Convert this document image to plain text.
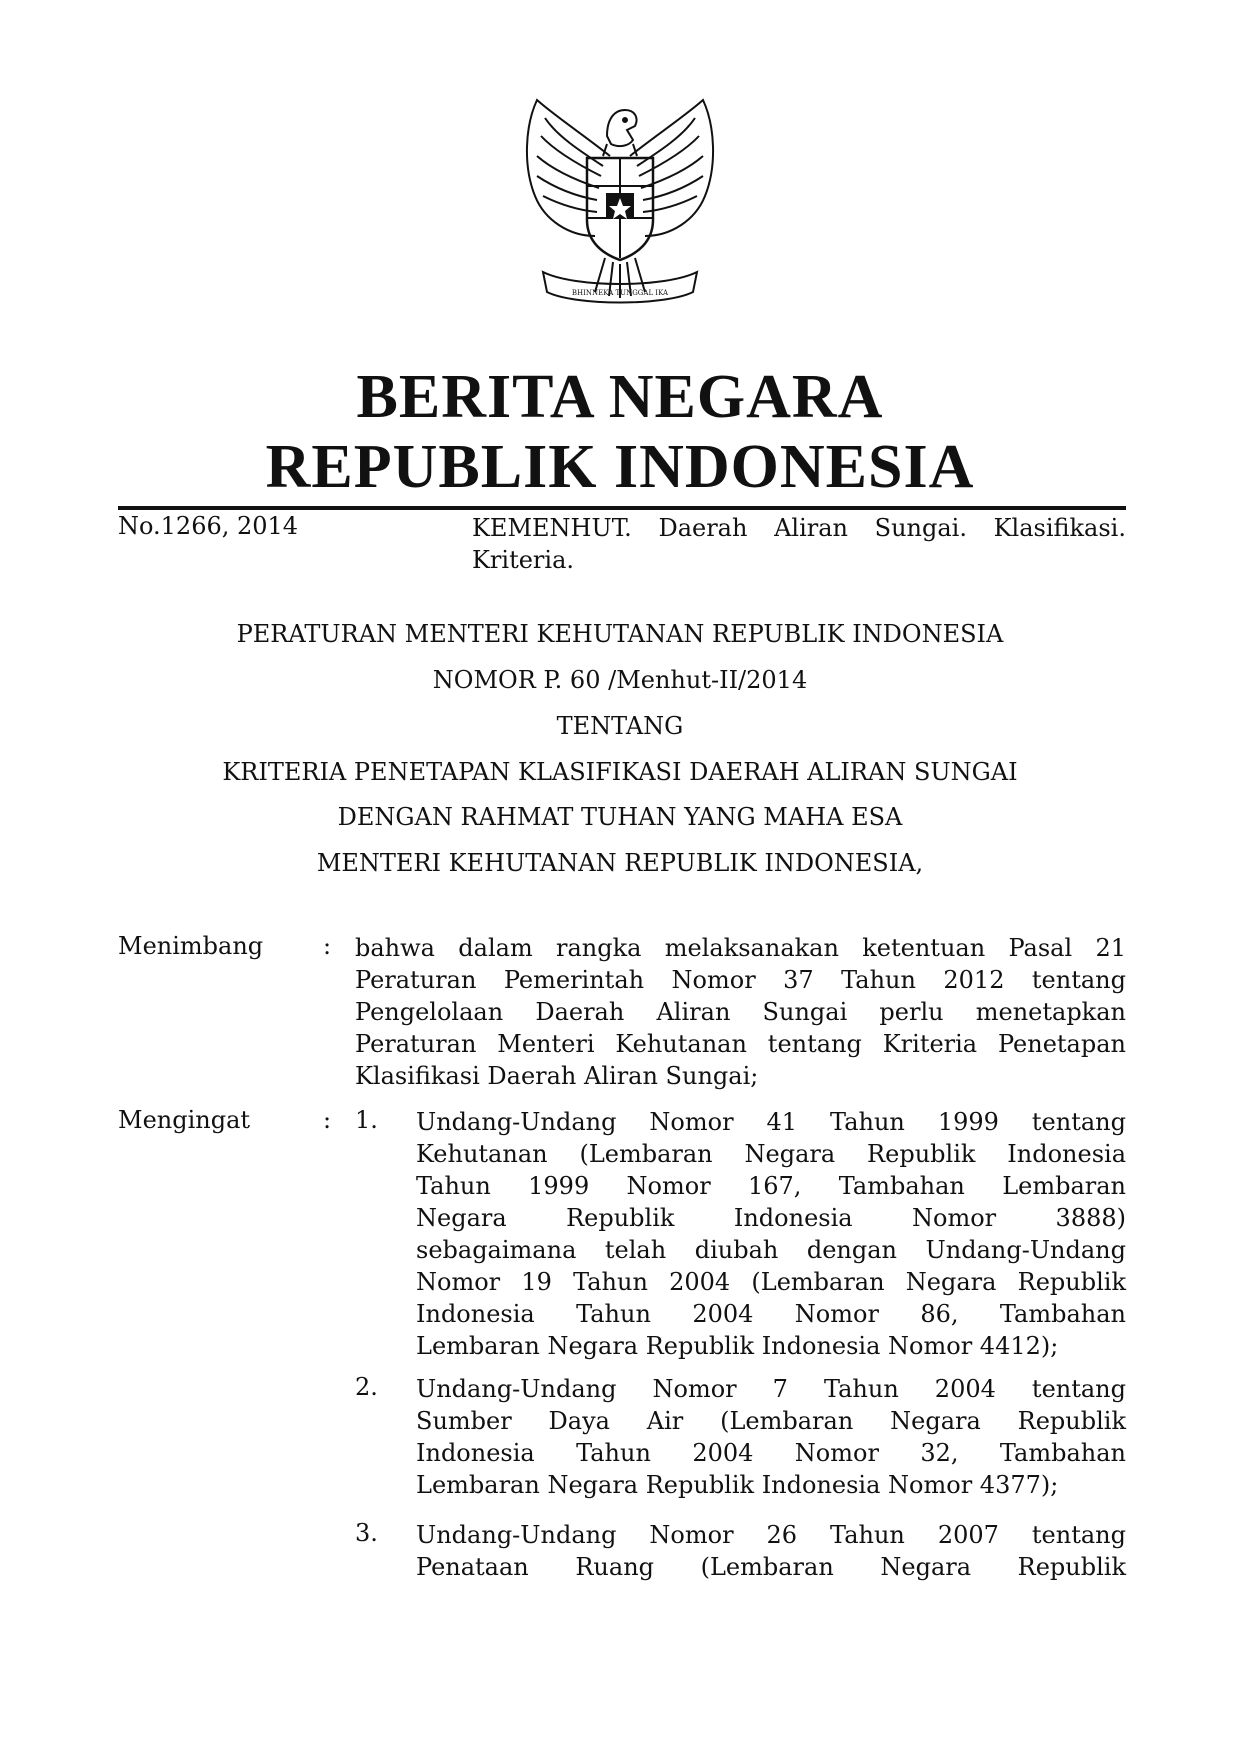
BHINNEKA TUNGGAL IKA
BERITA NEGARA
REPUBLIK INDONESIA
No.1266, 2014	KEMENHUT. Daerah Aliran Sungai. Klasifikasi. Kriteria.
PERATURAN MENTERI KEHUTANAN REPUBLIK INDONESIA
NOMOR P. 60 /Menhut-II/2014
TENTANG
KRITERIA PENETAPAN KLASIFIKASI DAERAH ALIRAN SUNGAI
DENGAN RAHMAT TUHAN YANG MAHA ESA
MENTERI KEHUTANAN REPUBLIK INDONESIA,
Menimbang : bahwa dalam rangka melaksanakan ketentuan Pasal 21
Peraturan Pemerintah Nomor 37 Tahun 2012 tentang
Pengelolaan Daerah Aliran Sungai perlu menetapkan
Peraturan Menteri Kehutanan tentang Kriteria Penetapan
Klasifikasi Daerah Aliran Sungai;
Mengingat	: 1. Undang-Undang Nomor 41 Tahun 1999 tentang
Kehutanan (Lembaran Negara Republik Indonesia
Tahun 1999 Nomor 167, Tambahan Lembaran
Negara Republik Indonesia Nomor 3888)
sebagaimana telah diubah dengan Undang-Undang
Nomor 19 Tahun 2004 (Lembaran Negara Republik
Indonesia Tahun 2004 Nomor 86, Tambahan
Lembaran Negara Republik Indonesia Nomor 4412);
2. Undang-Undang Nomor 7 Tahun 2004 tentang
Sumber Daya Air (Lembaran Negara Republik
Indonesia Tahun 2004 Nomor 32, Tambahan
Lembaran Negara Republik Indonesia Nomor 4377);
3. Undang-Undang Nomor 26 Tahun 2007 tentang
Penataan Ruang (Lembaran Negara Republik
